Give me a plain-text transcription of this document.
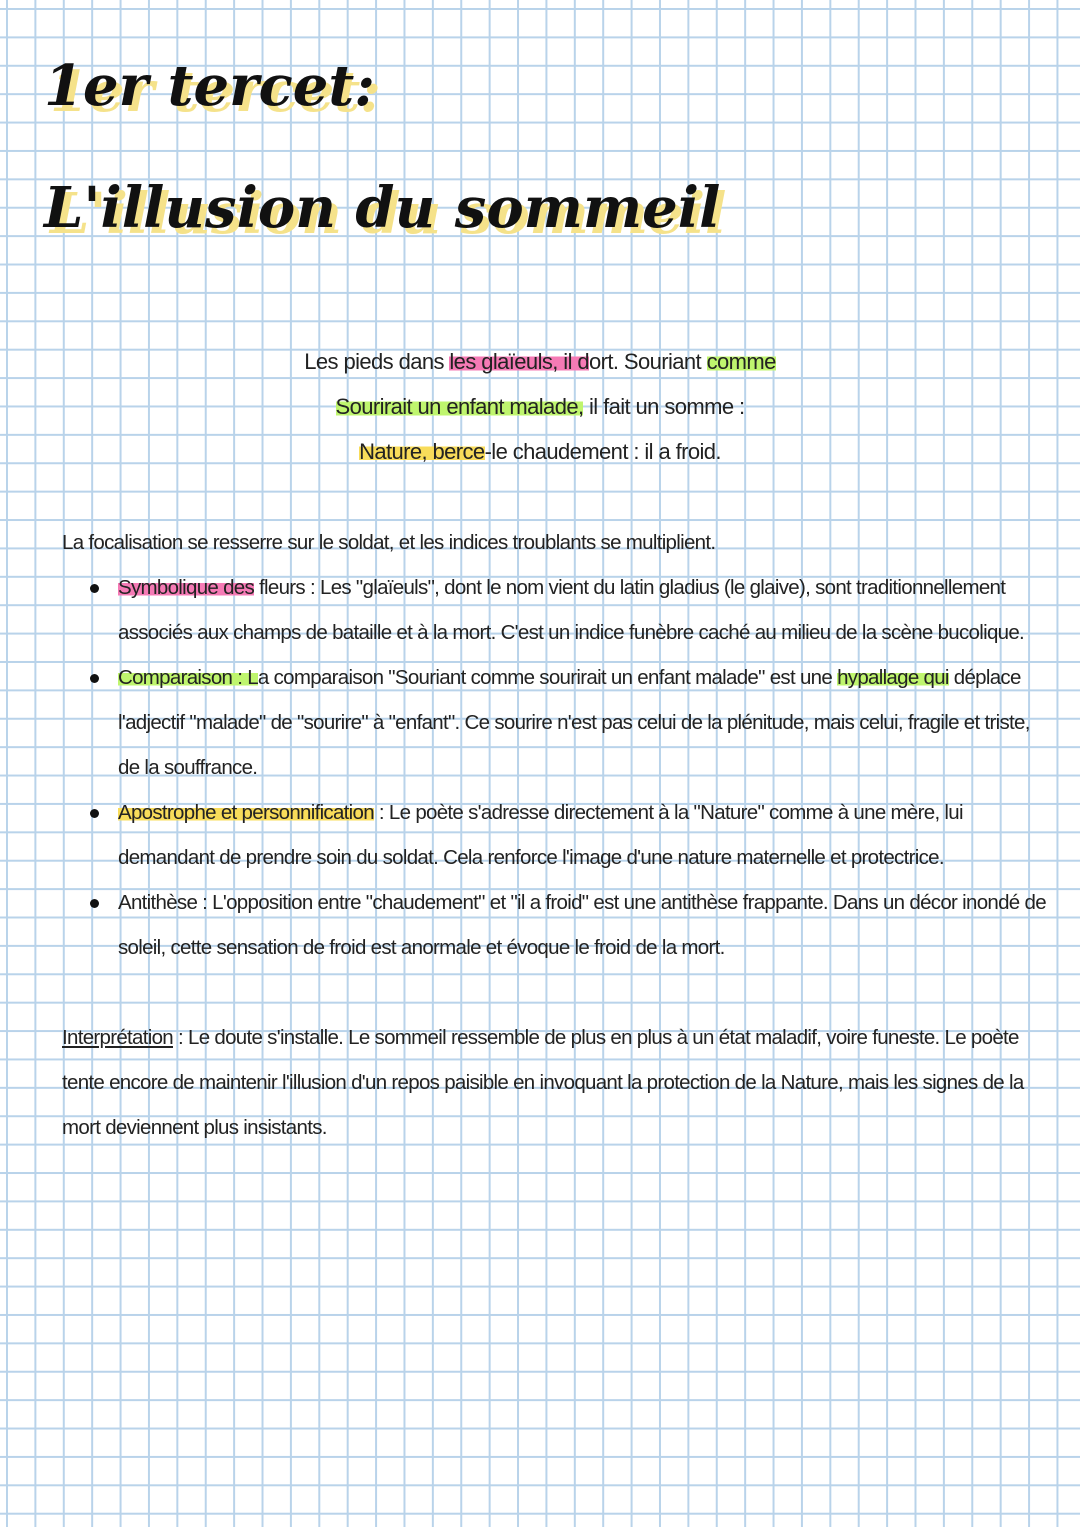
1er tercet:
L'illusion du sommeil
Les pieds dans les glaïeuls, il dort. Souriant comme
Sourirait un enfant malade, il fait un somme :
Nature, berce-le chaudement : il a froid.

La focalisation se resserre sur le soldat, et les indices troublants se multiplient.

Symbolique des fleurs : Les "glaïeuls", dont le nom vient du latin gladius (le glaive), sont traditionnellement associés aux champs de bataille et à la mort. C'est un indice funèbre caché au milieu de la scène bucolique.
Comparaison : La comparaison "Souriant comme sourirait un enfant malade" est une hypallage qui déplace l'adjectif "malade" de "sourire" à "enfant". Ce sourire n'est pas celui de la plénitude, mais celui, fragile et triste, de la souffrance.
Apostrophe et personnification : Le poète s'adresse directement à la "Nature" comme à une mère, lui demandant de prendre soin du soldat. Cela renforce l'image d'une nature maternelle et protectrice.
Antithèse : L'opposition entre "chaudement" et "il a froid" est une antithèse frappante. Dans un décor inondé de soleil, cette sensation de froid est anormale et évoque le froid de la mort.

Interprétation : Le doute s'installe. Le sommeil ressemble de plus en plus à un état maladif, voire funeste. Le poète tente encore de maintenir l'illusion d'un repos paisible en invoquant la protection de la Nature, mais les signes de la mort deviennent plus insistants.
